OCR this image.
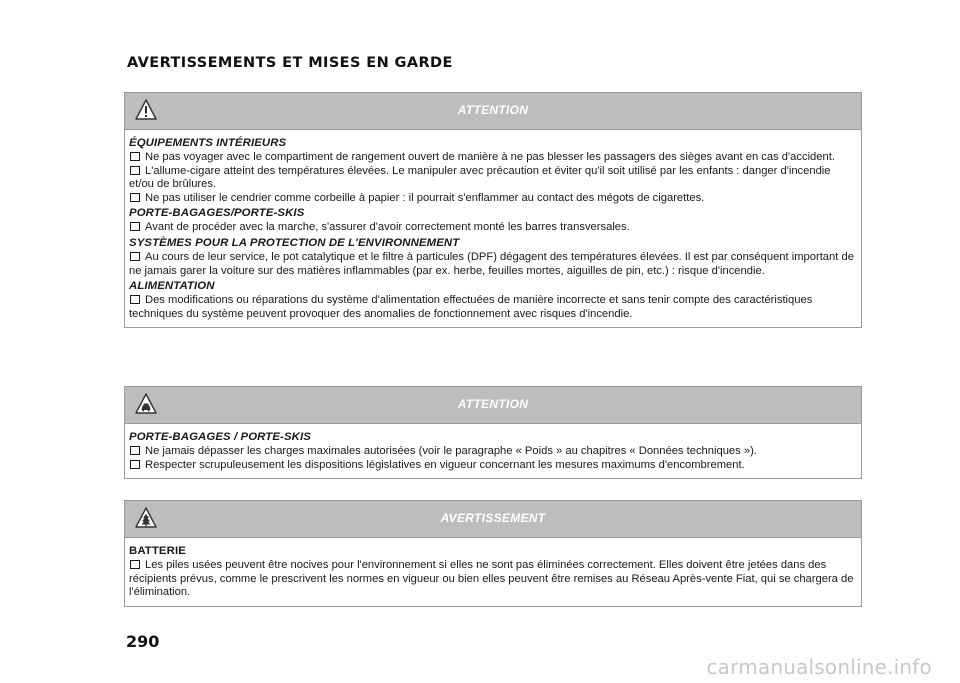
AVERTISSEMENTS ET MISES EN GARDE
ATTENTION
ÉQUIPEMENTS INTÉRIEURS

Ne pas voyager avec le compartiment de rangement ouvert de manière à ne pas blesser les passagers des sièges avant en cas d'accident.

L'allume-cigare atteint des températures élevées. Le manipuler avec précaution et éviter qu'il soit utilisé par les enfants : danger d'incendie et/ou de brûlures.

Ne pas utiliser le cendrier comme corbeille à papier : il pourrait s'enflammer au contact des mégots de cigarettes.

PORTE-BAGAGES/PORTE-SKIS

Avant de procéder avec la marche, s'assurer d'avoir correctement monté les barres transversales.

SYSTÈMES POUR LA PROTECTION DE L'ENVIRONNEMENT

Au cours de leur service, le pot catalytique et le filtre à particules (DPF) dégagent des températures élevées. Il est par conséquent important de ne jamais garer la voiture sur des matières inflammables (par ex. herbe, feuilles mortes, aiguilles de pin, etc.) : risque d'incendie.

ALIMENTATION

Des modifications ou réparations du système d'alimentation effectuées de manière incorrecte et sans tenir compte des caractéristiques techniques du système peuvent provoquer des anomalies de fonctionnement avec risques d'incendie.

ATTENTION
PORTE-BAGAGES / PORTE-SKIS

Ne jamais dépasser les charges maximales autorisées (voir le paragraphe « Poids » au chapitres « Données techniques »).

Respecter scrupuleusement les dispositions législatives en vigueur concernant les mesures maximums d'encombrement.

AVERTISSEMENT
BATTERIE

Les piles usées peuvent être nocives pour l'environnement si elles ne sont pas éliminées correctement. Elles doivent être jetées dans des récipients prévus, comme le prescrivent les normes en vigueur ou bien elles peuvent être remises au Réseau Après-vente Fiat, qui se chargera de l'élimination.

290
carmanualsonline.info
